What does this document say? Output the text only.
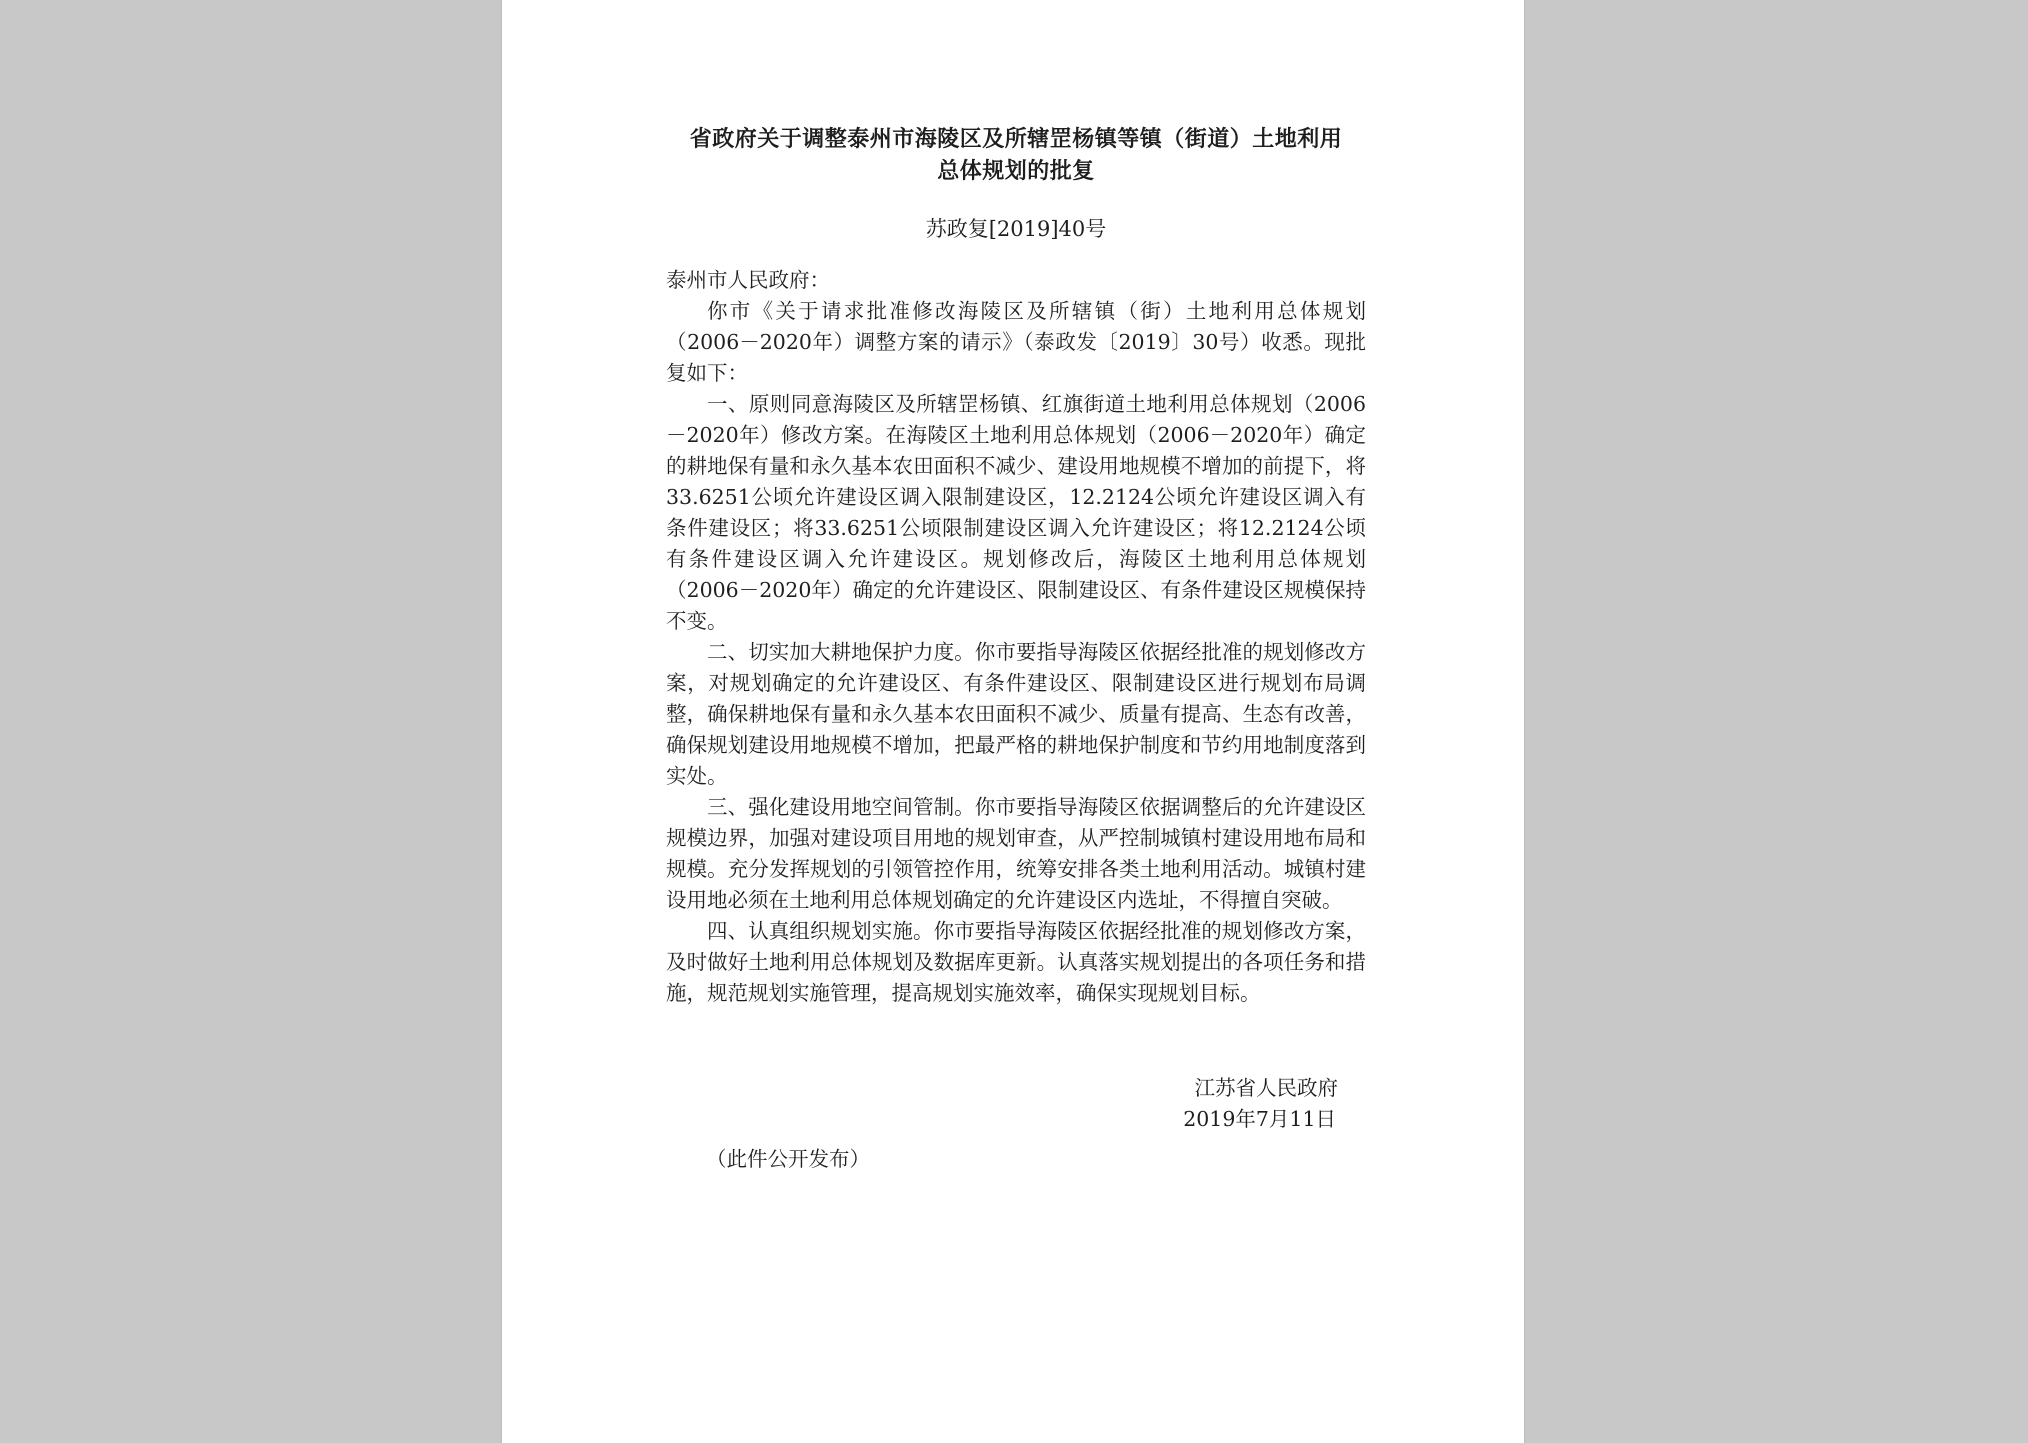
省政府关于调整泰州市海陵区及所辖罡杨镇等镇（街道）土地利用
总体规划的批复
苏政复[2019]40号

泰州市人民政府：

你市《关于请求批准修改海陵区及所辖镇（街）土地利用总体规划（2006－2020年）调整方案的请示》（泰政发〔2019〕30号）收悉。现批复如下：

一、原则同意海陵区及所辖罡杨镇、红旗街道土地利用总体规划（2006－2020年）修改方案。在海陵区土地利用总体规划（2006－2020年）确定的耕地保有量和永久基本农田面积不减少、建设用地规模不增加的前提下，将33.6251公顷允许建设区调入限制建设区，12.2124公顷允许建设区调入有条件建设区；将33.6251公顷限制建设区调入允许建设区；将12.2124公顷有条件建设区调入允许建设区。规划修改后，海陵区土地利用总体规划（2006－2020年）确定的允许建设区、限制建设区、有条件建设区规模保持不变。

二、切实加大耕地保护力度。你市要指导海陵区依据经批准的规划修改方案，对规划确定的允许建设区、有条件建设区、限制建设区进行规划布局调整，确保耕地保有量和永久基本农田面积不减少、质量有提高、生态有改善，确保规划建设用地规模不增加，把最严格的耕地保护制度和节约用地制度落到实处。

三、强化建设用地空间管制。你市要指导海陵区依据调整后的允许建设区规模边界，加强对建设项目用地的规划审查，从严控制城镇村建设用地布局和规模。充分发挥规划的引领管控作用，统筹安排各类土地利用活动。城镇村建设用地必须在土地利用总体规划确定的允许建设区内选址，不得擅自突破。

四、认真组织规划实施。你市要指导海陵区依据经批准的规划修改方案，及时做好土地利用总体规划及数据库更新。认真落实规划提出的各项任务和措施，规范规划实施管理，提高规划实施效率，确保实现规划目标。

江苏省人民政府
2019年7月11日
（此件公开发布）
